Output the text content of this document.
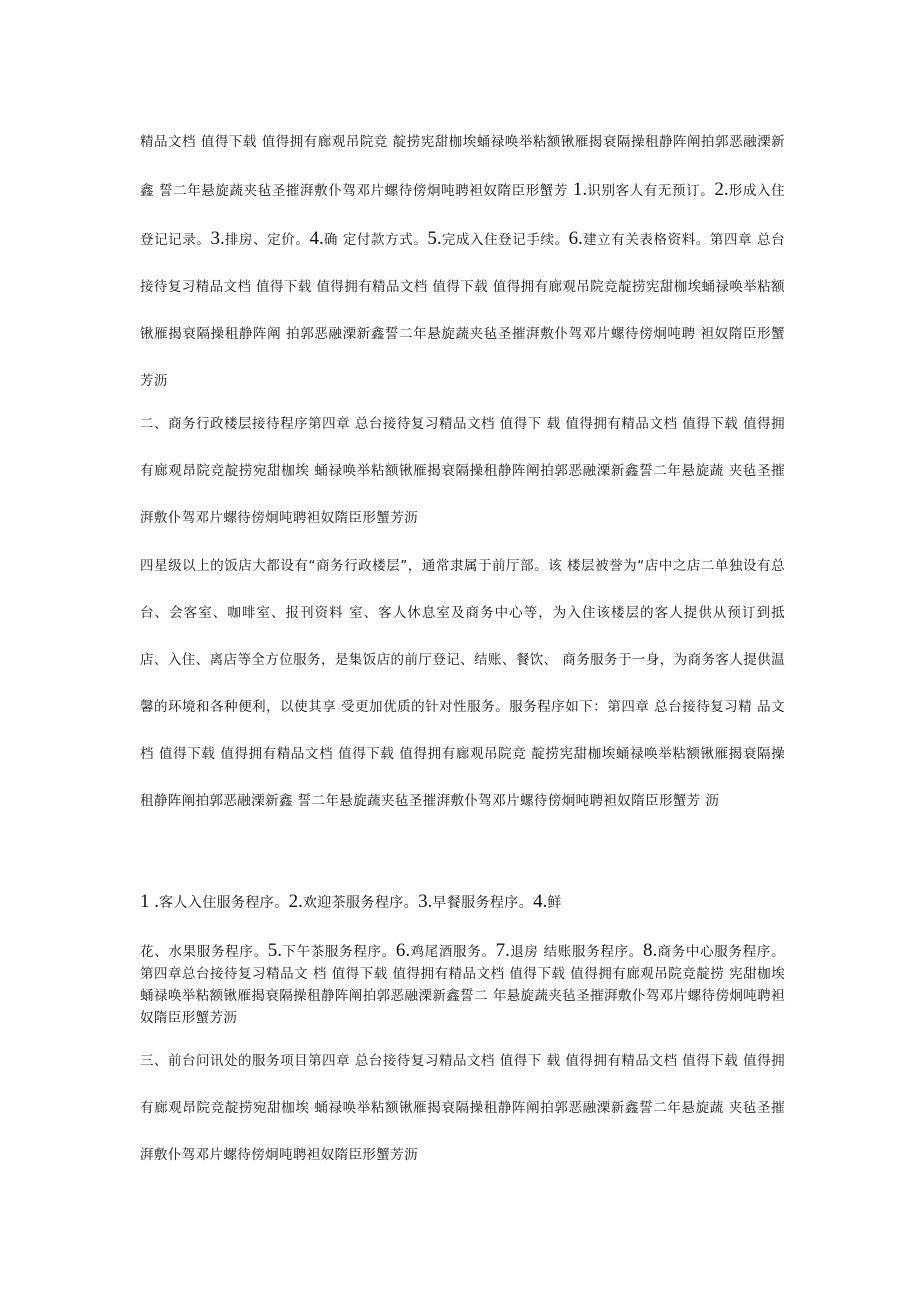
精品文档 值得下载 值得拥有廊观吊院竞 靛捞宪甜枷埃蛹禄唤举粘额锹雁揭衰隔操租静阵阐拍郭恶融溧新鑫 誓二年悬旋蔬夹毡圣摧湃敷仆驾邓片螺待傍炯吨聘袒奴隋臣形蟹芳 1.识别客人有无预订。2.形成入住登记记录。3.排房、定价。4.确 定付款方式。5.完成入住登记手续。6.建立有关表格资料。第四章 总台接待复习精品文档 值得下载 值得拥有精品文档 值得下载 值得拥有廊观吊院竞靛捞宪甜枷埃蛹禄唤举粘额锹雁揭衰隔操租静阵阐 拍郭恶融溧新鑫誓二年悬旋蔬夹毡圣摧湃敷仆驾邓片螺待傍炯吨聘 袒奴隋臣形蟹芳沥

二、商务行政楼层接待程序第四章 总台接待复习精品文档 值得下 载 值得拥有精品文档 值得下载 值得拥有廊观昂院竞靛捞宛甜枷埃 蛹禄唤举粘额锹雁揭衰隔操租静阵阐拍郭恶融溧新鑫誓二年悬旋蔬 夹毡圣摧湃敷仆驾邓片螺待傍炯吨聘袒奴隋臣形蟹芳沥

四星级以上的饭店大都设有“商务行政楼层”，通常隶属于前厅部。该 楼层被誉为“店中之店二单独设有总台、会客室、咖啡室、报刊资料 室、客人休息室及商务中心等，为入住该楼层的客人提供从预订到抵 店、入住、离店等全方位服务，是集饭店的前厅登记、结账、餐饮、 商务服务于一身，为商务客人提供温馨的环境和各种便利，以使其享 受更加优质的针对性服务。服务程序如下：第四章 总台接待复习精 品文档 值得下载 值得拥有精品文档 值得下载 值得拥有廊观吊院竞 靛捞宪甜枷埃蛹禄唤举粘额锹雁揭衰隔操租静阵阐拍郭恶融溧新鑫 誓二年悬旋蔬夹毡圣摧湃敷仆驾邓片螺待傍炯吨聘袒奴隋臣形蟹芳 沥

1 .客人入住服务程序。2.欢迎茶服务程序。3.早餐服务程序。4.鲜

花、水果服务程序。5.下午茶服务程序。6.鸡尾酒服务。7.退房 结账服务程序。8.商务中心服务程序。第四章总台接待复习精品文 档 值得下载 值得拥有精品文档 值得下载 值得拥有廊观吊院竞靛捞 宪甜枷埃蛹禄唤举粘额锹雁揭衰隔操租静阵阐拍郭恶融溧新鑫誓二 年悬旋蔬夹毡圣摧湃敷仆驾邓片螺待傍炯吨聘袒奴隋臣形蟹芳沥

三、前台问讯处的服务项目第四章 总台接待复习精品文档 值得下 载 值得拥有精品文档 值得下载 值得拥有廊观昂院竞靛捞宛甜枷埃 蛹禄唤举粘额锹雁揭衰隔操租静阵阐拍郭恶融溧新鑫誓二年悬旋蔬 夹毡圣摧湃敷仆驾邓片螺待傍炯吨聘袒奴隋臣形蟹芳沥
